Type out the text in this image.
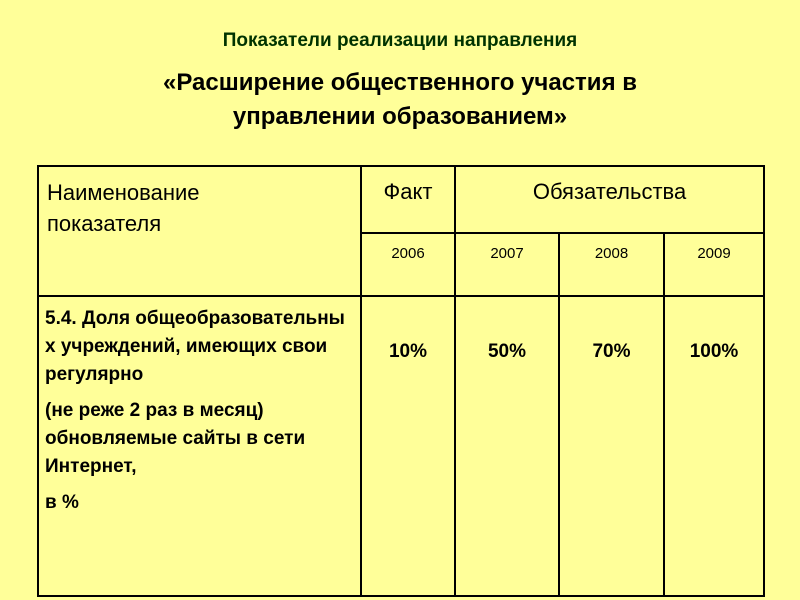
Показатели реализации направления
«Расширение общественного участия в
управлении образованием»
Наименование
показателя	Факт	Обязательства		
	2006	2007	2008	2009

5.4. Доля общеобразовательны х учреждений, имеющих свои регулярно

(не реже 2 раз в месяц) обновляемые сайты в сети Интернет,

в %	10%	50%	70%	100%
